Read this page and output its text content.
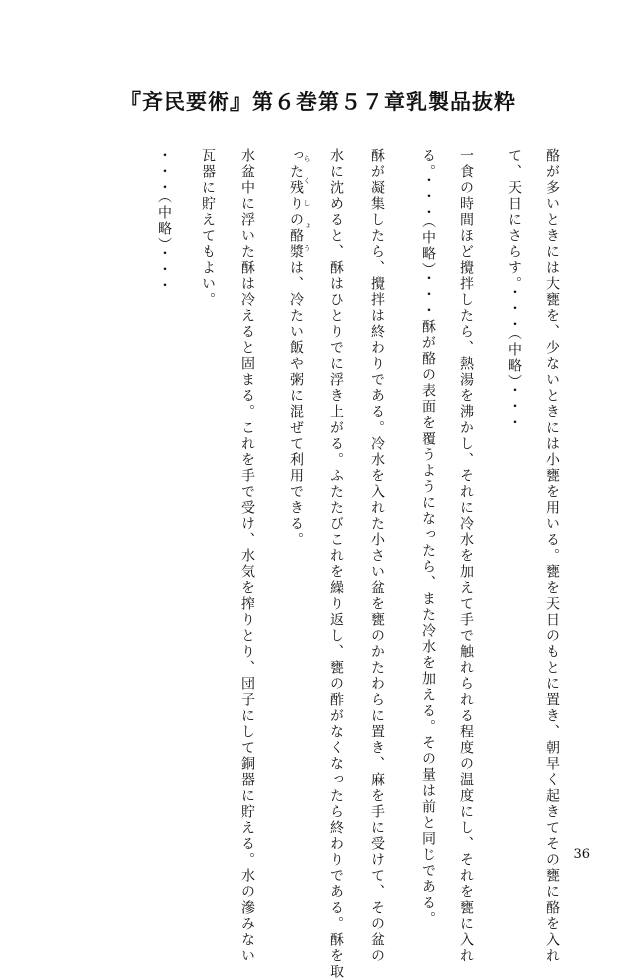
『斉民要術』第６巻第５７章乳製品抜粋
酪が多いときには大甕を、少ないときには小甕を用いる。甕を天日のもとに置き、朝早く起きてその甕に酪を入れ
て、天日にさらす。・・・（中略）・・・
一食の時間ほど攪拌したら、熱湯を沸かし、それに冷水を加えて手で触れられる程度の温度にし、それを甕に入れ
る。・・・（中略）・・・酥が酪の表面を覆うようになったら、また冷水を加える。その量は前と同じである。
酥が凝集したら、攪拌は終わりである。冷水を入れた小さい盆を甕のかたわらに置き、麻を手に受けて、その盆の
水に沈めると、酥はひとりでに浮き上がる。ふたたびこれを繰り返し、甕の酢がなくなったら終わりである。酥を取
った残りの酪漿 らくしょうは、冷たい飯や粥に混ぜて利用できる。
水盆中に浮いた酥は冷えると固まる。これを手で受け、水気を搾りとり、団子にして銅器に貯える。水の滲みない
瓦器に貯えてもよい。
・・・（中略）・・・
36
